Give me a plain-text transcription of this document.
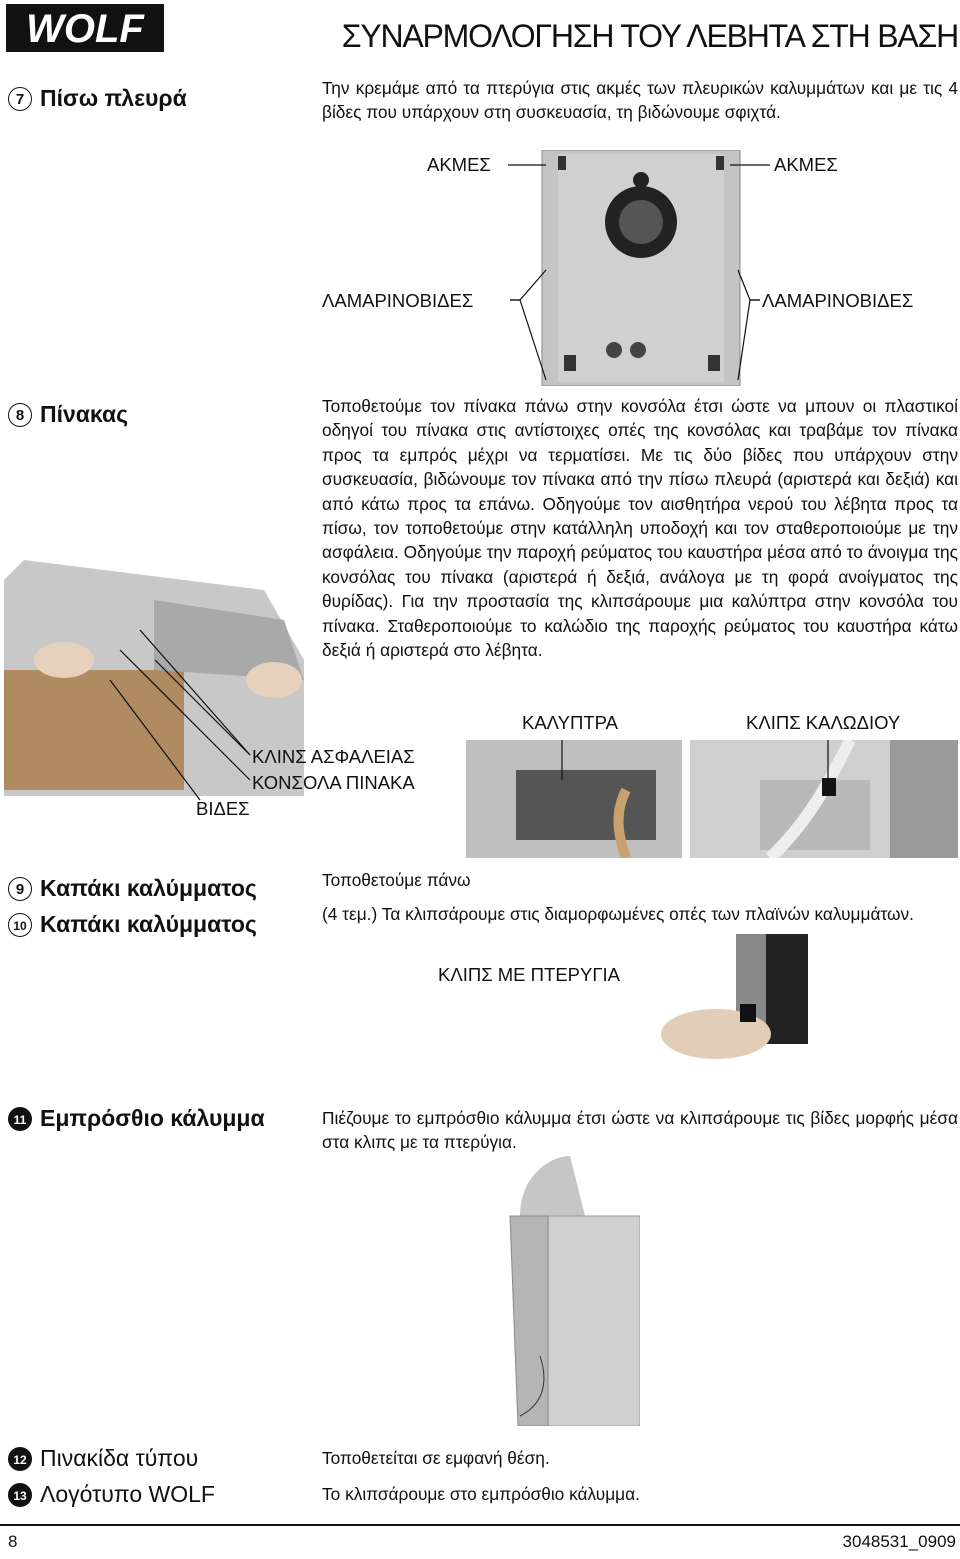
WOLF	ΣΥΝΑΡΜΟΛΟΓΗΣΗ ΤΟΥ ΛΕΒΗΤΑ ΣΤΗ ΒΑΣΗ
7 Πίσω πλευρά	Την κρεμάμε από τα πτερύγια στις ακμές των πλευρικών καλυμμάτων και με τις 4 βίδες που υπάρχουν στη συσκευασία, τη βιδώνουμε σφιχτά.
ΑΚΜΕΣ	ΑΚΜΕΣ
ΛΑΜΑΡΙΝΟΒΙΔΕΣ	ΛΑΜΑΡΙΝΟΒΙΔΕΣ
8 Πίνακας	Τοποθετούμε τον πίνακα πάνω στην κονσόλα έτσι ώστε να μπουν οι πλαστικοί οδηγοί του πίνακα στις αντίστοιχες οπές της κονσόλας και τραβάμε τον πίνακα προς τα εμπρός μέχρι να τερματίσει. Με τις δύο βίδες που υπάρχουν στην συσκευασία, βιδώνουμε τον πίνακα από την πίσω πλευρά (αριστερά και δεξιά) και από κάτω προς τα επάνω. Οδηγούμε τον αισθητήρα νερού του λέβητα προς τα πίσω, τον τοποθετούμε στην κατάλληλη υποδοχή και τον σταθεροποιούμε με την ασφάλεια. Οδηγούμε την παροχή ρεύματος του καυστήρα μέσα από το άνοιγμα της κονσόλας του πίνακα (αριστερά ή δεξιά, ανάλογα με τη φορά ανοίγματος της θυρίδας). Για την προστασία της κλιπσάρουμε μια καλύπτρα στην κονσόλα του πίνακα. Σταθεροποιούμε το καλώδιο της παροχής ρεύματος του καυστήρα κάτω δεξιά ή αριστερά στο λέβητα.
ΚΛΙΝΣ ΑΣΦΑΛΕΙΑΣ
ΚΟΝΣΟΛΑ ΠΙΝΑΚΑ
ΒΙΔΕΣ
ΚΑΛΥΠΤΡΑ	ΚΛΙΠΣ ΚΑΛΩΔΙΟΥ
9 Καπάκι καλύμματος
10 Καπάκι καλύμματος
Τοποθετούμε πάνω
(4 τεμ.) Τα κλιπσάρουμε στις διαμορφωμένες οπές των πλαϊνών καλυμμάτων.
ΚΛΙΠΣ ΜΕ ΠΤΕΡΥΓΙΑ
11 Εμπρόσθιο κάλυμμα	Πιέζουμε το εμπρόσθιο κάλυμμα έτσι ώστε να κλιπσάρουμε τις βίδες μορφής μέσα στα κλιπς με τα πτερύγια.
12 Πινακίδα τύπου
13 Λογότυπο WOLF
Τοποθετείται σε εμφανή θέση.
Το κλιπσάρουμε στο εμπρόσθιο κάλυμμα.
8	3048531_0909
